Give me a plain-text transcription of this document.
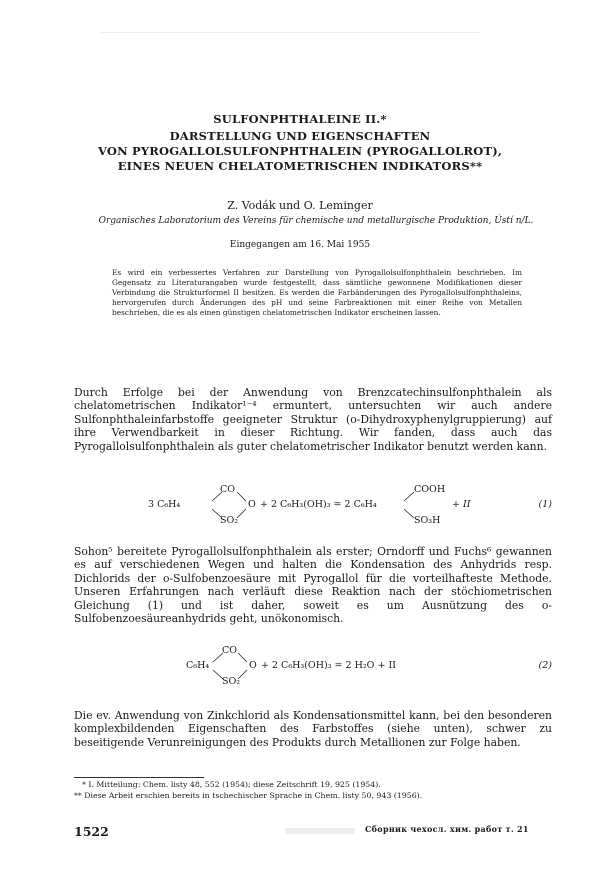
SULFONPHTHALEINE II.*
DARSTELLUNG UND EIGENSCHAFTEN
VON PYROGALLOLSULFONPHTHALEIN (PYROGALLOLROT),
EINES NEUEN CHELATOMETRISCHEN INDIKATORS**
Z. Vodák und O. Leminger
Organisches Laboratorium des Vereins für chemische und metallurgische Produktion, Ústí n/L.
Eingegangen am 16. Mai 1955
Es wird ein verbessertes Verfahren zur Darstellung von Pyrogallolsulfonphthalein beschrieben. Im Gegensatz zu Literaturangaben wurde festgestellt, dass sämtliche gewonnene Modifikationen dieser Verbindung die Strukturformel II besitzen. Es werden die Farbänderungen des Pyrogallolsulfonphthaleins, hervorgerufen durch Änderungen des pH und seine Farbreaktionen mit einer Reihe von Metallen beschrieben, die es als einen günstigen chelatometrischen Indikator erscheinen lassen.

Durch Erfolge bei der Anwendung von Brenzcatechinsulfonphthalein als chelatometrischen Indikator¹⁻⁴ ermuntert, untersuchten wir auch andere Sulfonphthaleinfarbstoffe geeigneter Struktur (o-Dihydroxyphenylgruppierung) auf ihre Verwendbarkeit in dieser Richtung. Wir fanden, dass auch das Pyrogallolsulfonphthalein als guter chelatometrischer Indikator benutzt werden kann.

3 C₆H₄
CO
SO₂
O + 2 C₆H₃(OH)₃ = 2 C₆H₄
COOH
SO₃H
+ II	(1)

Sohon⁵ bereitete Pyrogallolsulfonphthalein als erster; Orndorff und Fuchs⁶ gewannen es auf verschiedenen Wegen und halten die Kondensation des Anhydrids resp. Dichlorids der o-Sulfobenzoesäure mit Pyrogallol für die vorteilhafteste Methode. Unseren Erfahrungen nach verläuft diese Reaktion nach der stöchiometrischen Gleichung (1) und ist daher, soweit es um Ausnützung des o-Sulfobenzoesäureanhydrids geht, unökonomisch.

C₆H₄
CO
SO₂
O + 2 C₆H₃(OH)₃ = 2 H₂O + II	(2)

Die ev. Anwendung von Zinkchlorid als Kondensationsmittel kann, bei den besonderen komplexbildenden Eigenschaften des Farbstoffes (siehe unten), schwer zu beseitigende Verunreinigungen des Produkts durch Metallionen zur Folge haben.

* I. Mitteilung: Chem. listy 48, 552 (1954); diese Zeitschrift 19, 925 (1954).
** Diese Arbeit erschien bereits in tschechischer Sprache in Chem. listy 50, 943 (1956).
1522	Сборник чехосл. хим. работ т. 21
